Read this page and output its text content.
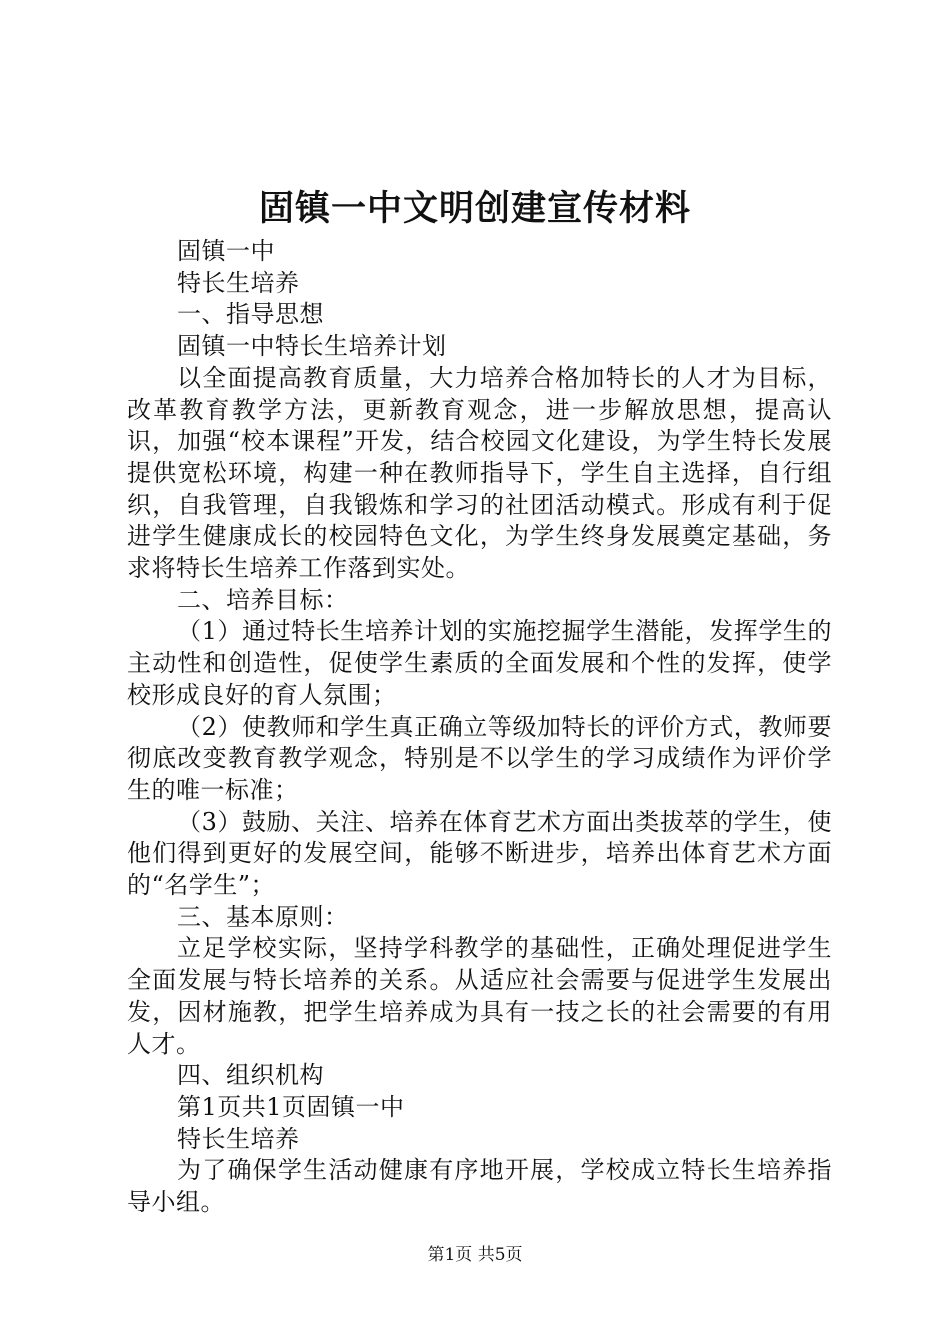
固镇一中文明创建宣传材料

固镇一中

特长生培养

一、指导思想

固镇一中特长生培养计划

以全面提高教育质量，大力培养合格加特长的人才为目标，改革教育教学方法，更新教育观念，进一步解放思想，提高认识，加强“校本课程”开发，结合校园文化建设，为学生特长发展提供宽松环境，构建一种在教师指导下，学生自主选择，自行组织，自我管理，自我锻炼和学习的社团活动模式。形成有利于促进学生健康成长的校园特色文化，为学生终身发展奠定基础，务求将特长生培养工作落到实处。

二、培养目标：

（1）通过特长生培养计划的实施挖掘学生潜能，发挥学生的主动性和创造性，促使学生素质的全面发展和个性的发挥，使学校形成良好的育人氛围；

（2）使教师和学生真正确立等级加特长的评价方式，教师要彻底改变教育教学观念，特别是不以学生的学习成绩作为评价学生的唯一标准；

（3）鼓励、关注、培养在体育艺术方面出类拔萃的学生，使他们得到更好的发展空间，能够不断进步，培养出体育艺术方面的“名学生”；

三、基本原则：

立足学校实际，坚持学科教学的基础性，正确处理促进学生全面发展与特长培养的关系。从适应社会需要与促进学生发展出发，因材施教，把学生培养成为具有一技之长的社会需要的有用人才。

四、组织机构

第1页共1页固镇一中

特长生培养

为了确保学生活动健康有序地开展，学校成立特长生培养指导小组。

第1页 共5页
